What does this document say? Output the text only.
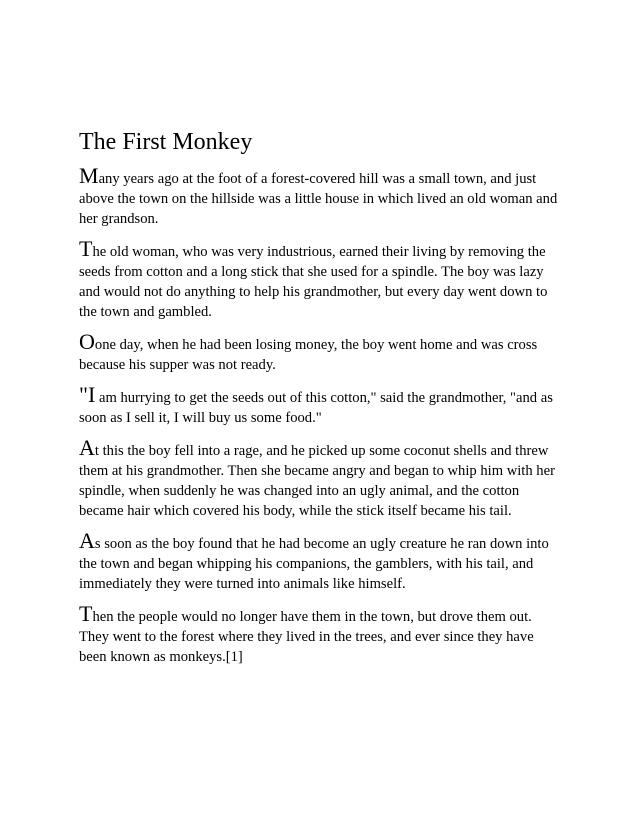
The First Monkey

Many years ago at the foot of a forest-covered hill was a small town, and just above the town on the hillside was a little house in which lived an old woman and her grandson.

The old woman, who was very industrious, earned their living by removing the seeds from cotton and a long stick that she used for a spindle. The boy was lazy and would not do anything to help his grandmother, but every day went down to the town and gambled.

Oone day, when he had been losing money, the boy went home and was cross because his supper was not ready.

"I am hurrying to get the seeds out of this cotton," said the grandmother, "and as soon as I sell it, I will buy us some food."

At this the boy fell into a rage, and he picked up some coconut shells and threw them at his grandmother. Then she became angry and began to whip him with her spindle, when suddenly he was changed into an ugly animal, and the cotton became hair which covered his body, while the stick itself became his tail.

As soon as the boy found that he had become an ugly creature he ran down into the town and began whipping his companions, the gamblers, with his tail, and immediately they were turned into animals like himself.

Then the people would no longer have them in the town, but drove them out. They went to the forest where they lived in the trees, and ever since they have been known as monkeys.[1]
